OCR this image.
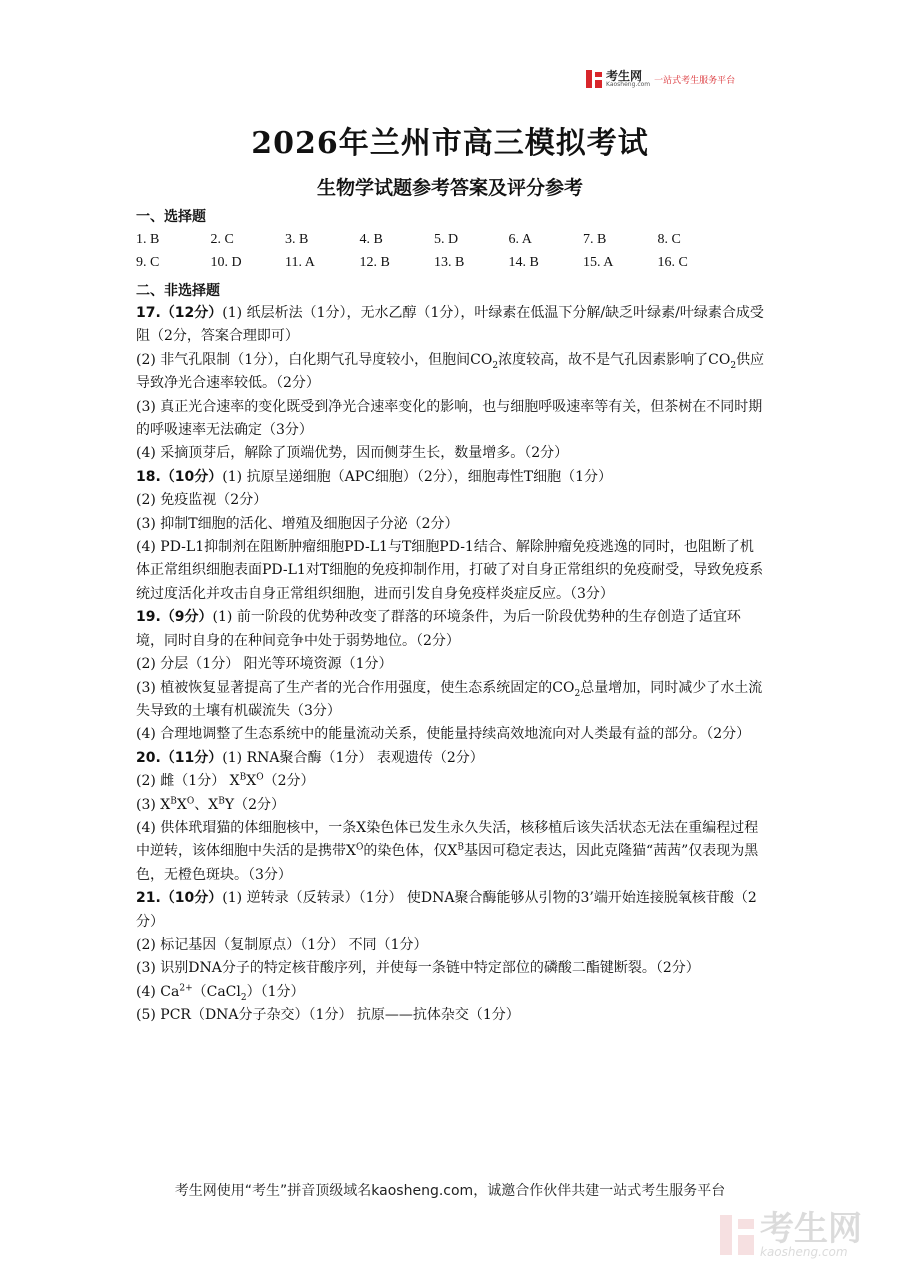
考生网
Kaosheng.com 一站式考生服务平台
2026年兰州市高三模拟考试
生物学试题参考答案及评分参考
一、选择题
1. B	2. C	3. B	4. B	5. D	6. A	7. B	8. C
9. C	10. D	11. A	12. B	13. B	14. B	15. A	16. C
二、非选择题

17.（12分）(1) 纸层析法（1分），无水乙醇（1分），叶绿素在低温下分解/缺乏叶绿素/叶绿素合成受阻（2分，答案合理即可）

(2) 非气孔限制（1分），白化期气孔导度较小，但胞间$CO_2$浓度较高，故不是气孔因素影响了$CO_2$供应导致净光合速率较低。（2分）

(3) 真正光合速率的变化既受到净光合速率变化的影响，也与细胞呼吸速率等有关，但茶树在不同时期的呼吸速率无法确定（3分）

(4) 采摘顶芽后，解除了顶端优势，因而侧芽生长，数量增多。（2分）

18.（10分）(1) 抗原呈递细胞（APC细胞）（2分），细胞毒性T细胞（1分）

(2) 免疫监视（2分）

(3) 抑制T细胞的活化、增殖及细胞因子分泌（2分）

(4) PD-L1抑制剂在阻断肿瘤细胞PD-L1与T细胞PD-1结合、解除肿瘤免疫逃逸的同时，也阻断了机体正常组织细胞表面PD-L1对T细胞的免疫抑制作用，打破了对自身正常组织的免疫耐受，导致免疫系统过度活化并攻击自身正常组织细胞，进而引发自身免疫样炎症反应。（3分）

19.（9分）(1) 前一阶段的优势种改变了群落的环境条件，为后一阶段优势种的生存创造了适宜环境，同时自身的在种间竞争中处于弱势地位。（2分）

(2) 分层（1分） 阳光等环境资源（1分）

(3) 植被恢复显著提高了生产者的光合作用强度，使生态系统固定的$CO_2$总量增加，同时减少了水土流失导致的土壤有机碳流失（3分）

(4) 合理地调整了生态系统中的能量流动关系，使能量持续高效地流向对人类最有益的部分。（2分）

20.（11分）(1) RNA聚合酶（1分） 表观遗传（2分）

(2) 雌（1分） $X^BX^O(2$分）

(3) $X^BX^O$、$X^BY(2$分）

(4) 供体玳瑁猫的体细胞核中，一条X染色体已发生永久失活，核移植后该失活状态无法在重编程过程中逆转，该体细胞中失活的是携带$X^O$的染色体，仅$X^B$基因可稳定表达，因此克隆猫“茜茜”仅表现为黑色，无橙色斑块。（3分）

21.（10分）(1) 逆转录（反转录）（1分） 使DNA聚合酶能够从引物的3’端开始连接脱氧核苷酸（2分）

(2) 标记基因（复制原点）（1分） 不同（1分）

(3) 识别DNA分子的特定核苷酸序列，并使每一条链中特定部位的磷酸二酯键断裂。（2分）

(4) $Ca^{2+}(CaCl_2)(1$分）

(5) PCR（DNA分子杂交）（1分） 抗原——抗体杂交（1分）

考生网使用“考生”拼音顶级域名kaosheng.com，诚邀合作伙伴共建一站式考生服务平台
考生网
kaosheng.com
